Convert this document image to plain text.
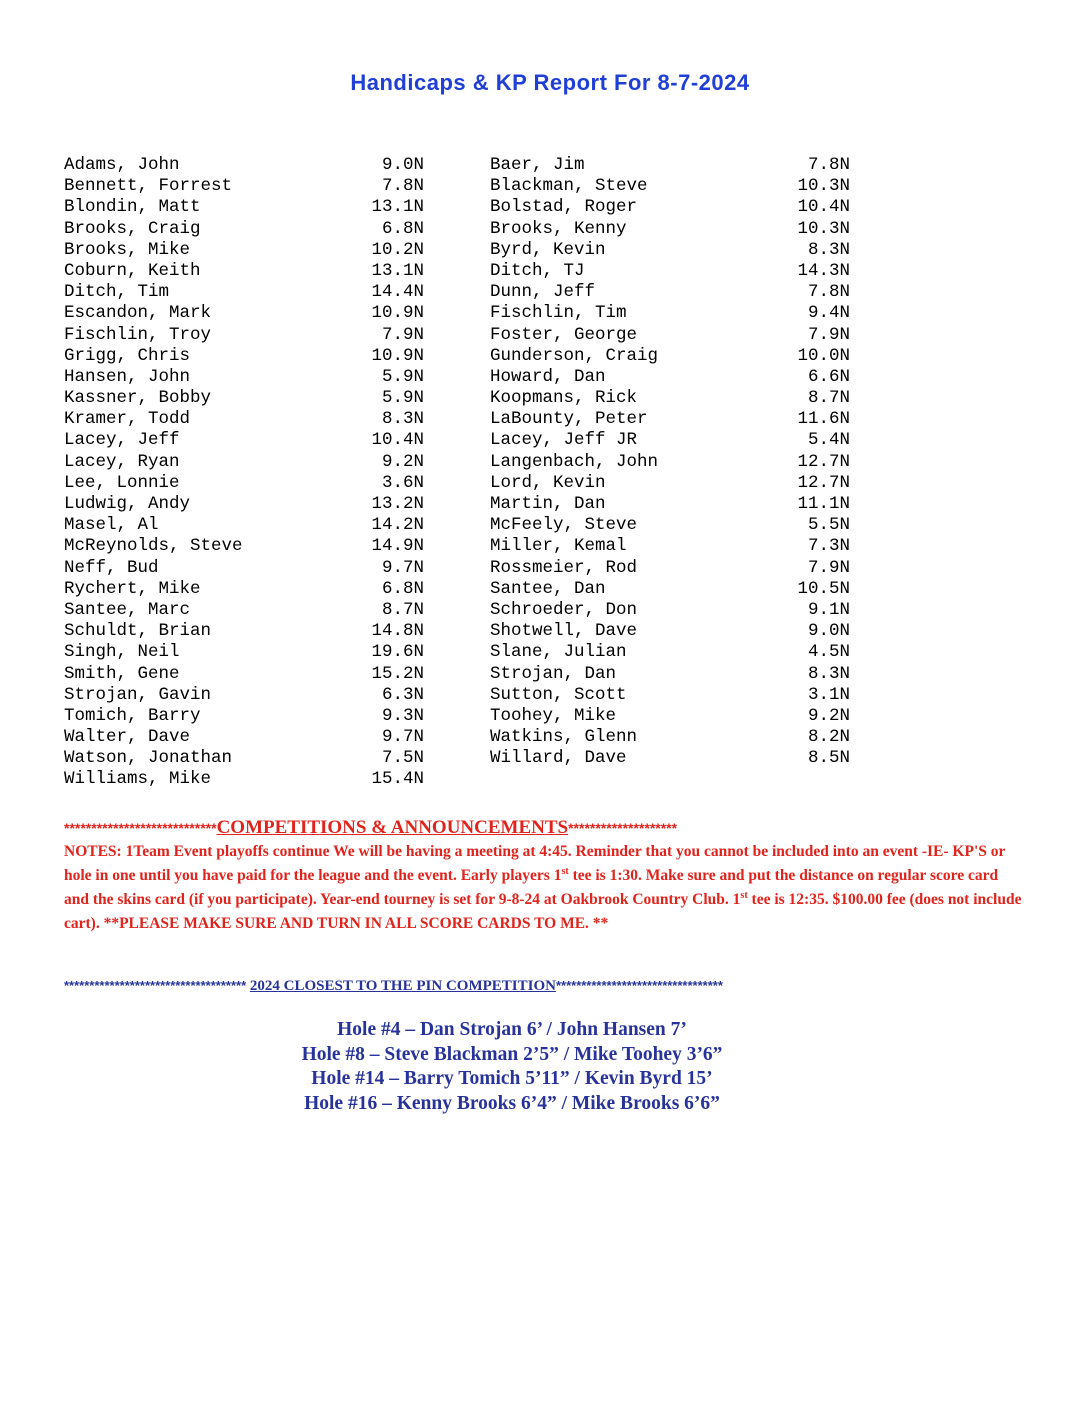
Handicaps & KP Report For 8-7-2024
Adams, John	9.0N
Bennett, Forrest	7.8N
Blondin, Matt	13.1N
Brooks, Craig	6.8N
Brooks, Mike	10.2N
Coburn, Keith	13.1N
Ditch, Tim	14.4N
Escandon, Mark	10.9N
Fischlin, Troy	7.9N
Grigg, Chris	10.9N
Hansen, John	5.9N
Kassner, Bobby	5.9N
Kramer, Todd	8.3N
Lacey, Jeff	10.4N
Lacey, Ryan	9.2N
Lee, Lonnie	3.6N
Ludwig, Andy	13.2N
Masel, Al	14.2N
McReynolds, Steve	14.9N
Neff, Bud	9.7N
Rychert, Mike	6.8N
Santee, Marc	8.7N
Schuldt, Brian	14.8N
Singh, Neil	19.6N
Smith, Gene	15.2N
Strojan, Gavin	6.3N
Tomich, Barry	9.3N
Walter, Dave	9.7N
Watson, Jonathan	7.5N
Williams, Mike	15.4N
Baer, Jim	7.8N
Blackman, Steve	10.3N
Bolstad, Roger	10.4N
Brooks, Kenny	10.3N
Byrd, Kevin	8.3N
Ditch, TJ	14.3N
Dunn, Jeff	7.8N
Fischlin, Tim	9.4N
Foster, George	7.9N
Gunderson, Craig	10.0N
Howard, Dan	6.6N
Koopmans, Rick	8.7N
LaBounty, Peter	11.6N
Lacey, Jeff JR	5.4N
Langenbach, John	12.7N
Lord, Kevin	12.7N
Martin, Dan	11.1N
McFeely, Steve	5.5N
Miller, Kemal	7.3N
Rossmeier, Rod	7.9N
Santee, Dan	10.5N
Schroeder, Don	9.1N
Shotwell, Dave	9.0N
Slane, Julian	4.5N
Strojan, Dan	8.3N
Sutton, Scott	3.1N
Toohey, Mike	9.2N
Watkins, Glenn	8.2N
Willard, Dave	8.5N
****************************COMPETITIONS & ANNOUNCEMENTS********************
NOTES: 1Team Event playoffs continue We will be having a meeting at 4:45. Reminder that you cannot be included into an event -IE- KP'S or hole in one until you have paid for the league and the event. Early players 1st tee is 1:30. Make sure and put the distance on regular score card and the skins card (if you participate). Year-end tourney is set for 9-8-24 at Oakbrook Country Club. 1st tee is 12:35. $100.00 fee (does not include cart). **PLEASE MAKE SURE AND TURN IN ALL SCORE CARDS TO ME. **
************************************ 2024 CLOSEST TO THE PIN COMPETITION*********************************
Hole #4 – Dan Strojan 6’ / John Hansen 7’
Hole #8 – Steve Blackman 2’5” / Mike Toohey 3’6”
Hole #14 – Barry Tomich 5’11” / Kevin Byrd 15’
Hole #16 – Kenny Brooks 6’4” / Mike Brooks 6’6”
